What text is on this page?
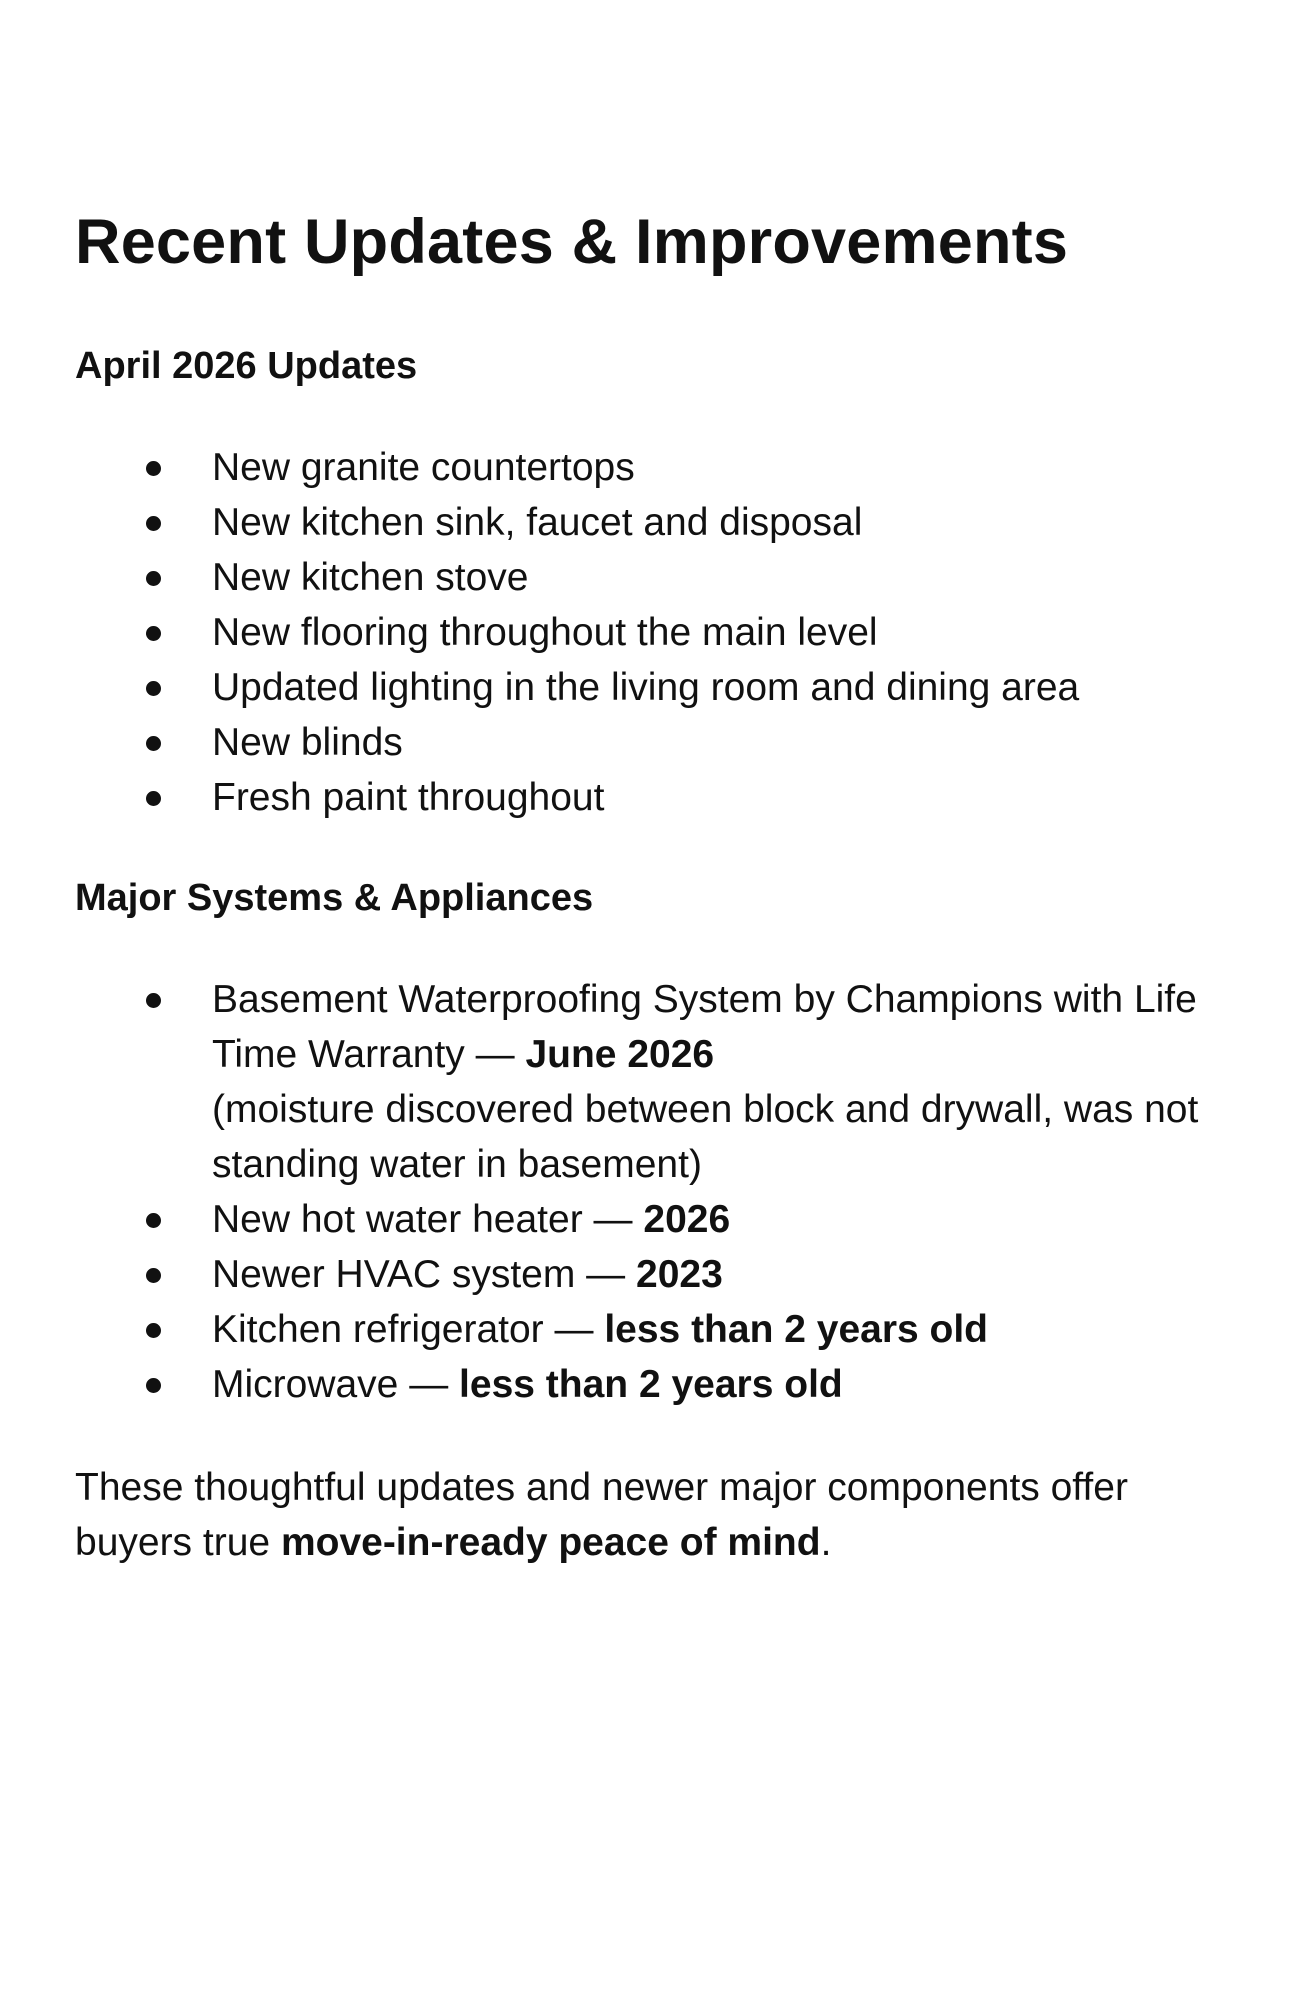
Recent Updates & Improvements
April 2026 Updates
New granite countertops
New kitchen sink, faucet and disposal
New kitchen stove
New flooring throughout the main level
Updated lighting in the living room and dining area
New blinds
Fresh paint throughout
Major Systems & Appliances
Basement Waterproofing System by Champions with Life Time Warranty — June 2026
(moisture discovered between block and drywall, was not standing water in basement)
New hot water heater — 2026
Newer HVAC system — 2023
Kitchen refrigerator — less than 2 years old
Microwave — less than 2 years old

These thoughtful updates and newer major components offer buyers true move-in-ready peace of mind.
